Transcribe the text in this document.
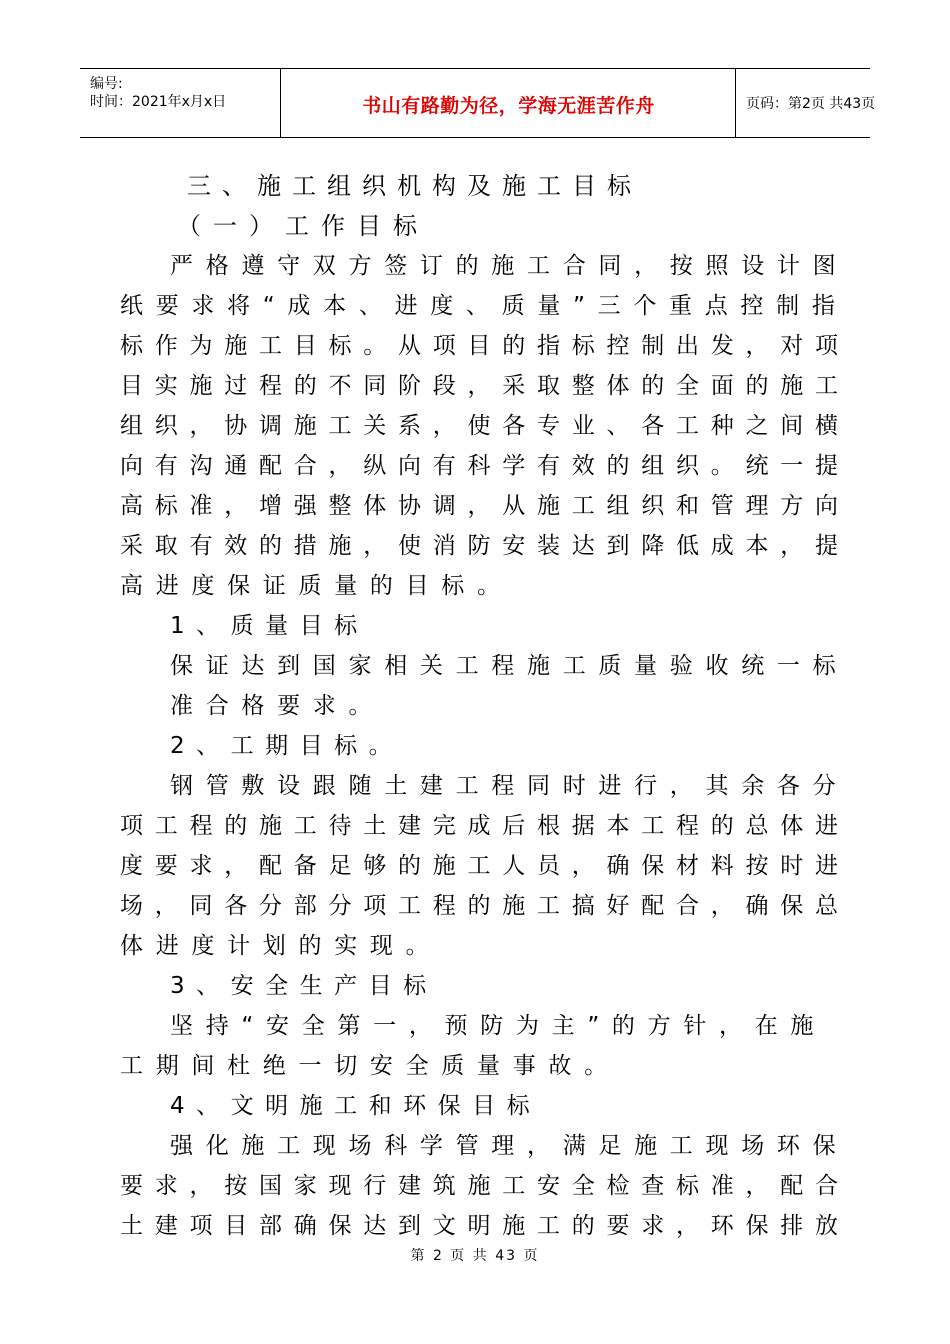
编号:
时间：2021年x月x日	书山有路勤为径，学海无涯苦作舟	页码：第2页 共43页
三、施工组织机构及施工目标
（一）工作目标
严格遵守双方签订的施工合同，按照设计图
纸要求将“成本、进度、质量”三个重点控制指
标作为施工目标。从项目的指标控制出发，对项
目实施过程的不同阶段，采取整体的全面的施工
组织，协调施工关系，使各专业、各工种之间横
向有沟通配合，纵向有科学有效的组织。统一提
高标准，增强整体协调，从施工组织和管理方向
采取有效的措施，使消防安装达到降低成本，提
高进度保证质量的目标。
1、质量目标
保证达到国家相关工程施工质量验收统一标
准合格要求。
2、工期目标。
钢管敷设跟随土建工程同时进行，其余各分
项工程的施工待土建完成后根据本工程的总体进
度要求，配备足够的施工人员，确保材料按时进
场，同各分部分项工程的施工搞好配合，确保总
体进度计划的实现。
3、安全生产目标
坚持“安全第一，预防为主”的方针，在施
工期间杜绝一切安全质量事故。
4、文明施工和环保目标
强化施工现场科学管理，满足施工现场环保
要求，按国家现行建筑施工安全检查标准，配合
土建项目部确保达到文明施工的要求，环保排放
第 2 页 共 43 页
